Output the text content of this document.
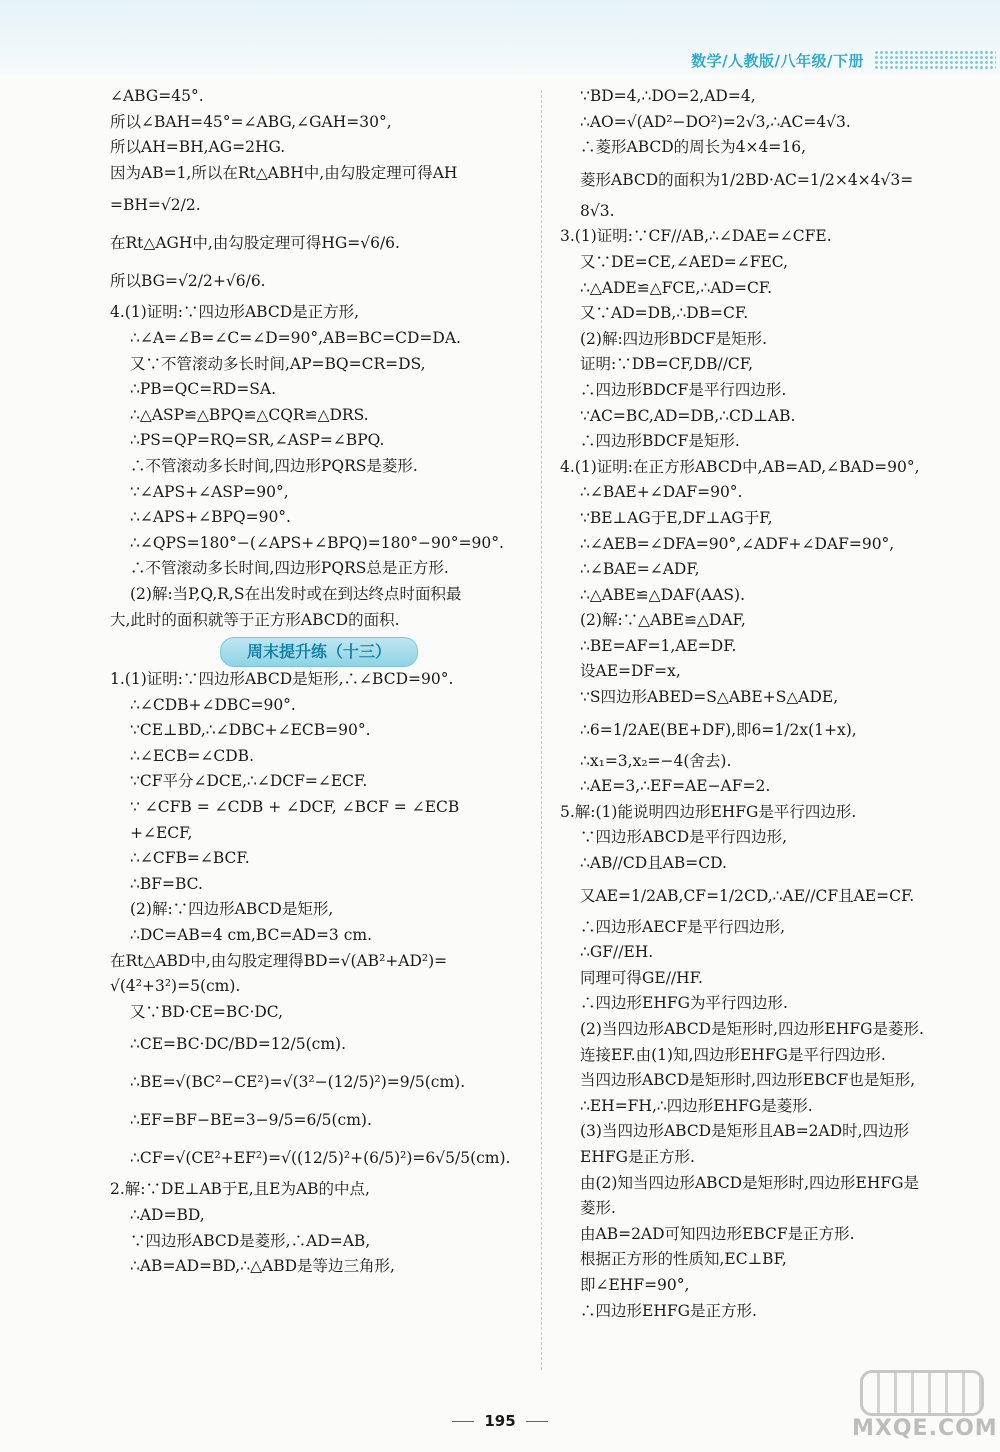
数学/人教版/八年级/下册
∠ABG=45°.
所以∠BAH=45°=∠ABG,∠GAH=30°,
所以AH=BH,AG=2HG.
因为AB=1,所以在Rt△ABH中,由勾股定理可得AH
=BH=√2/2.
在Rt△AGH中,由勾股定理可得HG=√6/6.
所以BG=√2/2+√6/6.
4.(1)证明:∵四边形ABCD是正方形,
∴∠A=∠B=∠C=∠D=90°,AB=BC=CD=DA.
又∵不管滚动多长时间,AP=BQ=CR=DS,
∴PB=QC=RD=SA.
∴△ASP≌△BPQ≌△CQR≌△DRS.
∴PS=QP=RQ=SR,∠ASP=∠BPQ.
∴不管滚动多长时间,四边形PQRS是菱形.
∵∠APS+∠ASP=90°,
∴∠APS+∠BPQ=90°.
∴∠QPS=180°−(∠APS+∠BPQ)=180°−90°=90°.
∴不管滚动多长时间,四边形PQRS总是正方形.
(2)解:当P,Q,R,S在出发时或在到达终点时面积最
大,此时的面积就等于正方形ABCD的面积.
周末提升练（十三）
1.(1)证明:∵四边形ABCD是矩形,∴∠BCD=90°.
∴∠CDB+∠DBC=90°.
∵CE⊥BD,∴∠DBC+∠ECB=90°.
∴∠ECB=∠CDB.
∵CF平分∠DCE,∴∠DCF=∠ECF.
∵ ∠CFB = ∠CDB + ∠DCF, ∠BCF = ∠ECB
+∠ECF,
∴∠CFB=∠BCF.
∴BF=BC.
(2)解:∵四边形ABCD是矩形,
∴DC=AB=4 cm,BC=AD=3 cm.
在Rt△ABD中,由勾股定理得BD=√(AB²+AD²)=
√(4²+3²)=5(cm).
又∵BD·CE=BC·DC,
∴CE=BC·DC/BD=12/5(cm).
∴BE=√(BC²−CE²)=√(3²−(12/5)²)=9/5(cm).
∴EF=BF−BE=3−9/5=6/5(cm).
∴CF=√(CE²+EF²)=√((12/5)²+(6/5)²)=6√5/5(cm).
2.解:∵DE⊥AB于E,且E为AB的中点,
∴AD=BD,
∵四边形ABCD是菱形,∴AD=AB,
∴AB=AD=BD,∴△ABD是等边三角形,
∵BD=4,∴DO=2,AD=4,
∴AO=√(AD²−DO²)=2√3,∴AC=4√3.
∴菱形ABCD的周长为4×4=16,
菱形ABCD的面积为1/2BD·AC=1/2×4×4√3=
8√3.
3.(1)证明:∵CF//AB,∴∠DAE=∠CFE.
又∵DE=CE,∠AED=∠FEC,
∴△ADE≌△FCE,∴AD=CF.
又∵AD=DB,∴DB=CF.
(2)解:四边形BDCF是矩形.
证明:∵DB=CF,DB//CF,
∴四边形BDCF是平行四边形.
∵AC=BC,AD=DB,∴CD⊥AB.
∴四边形BDCF是矩形.
4.(1)证明:在正方形ABCD中,AB=AD,∠BAD=90°,
∴∠BAE+∠DAF=90°.
∵BE⊥AG于E,DF⊥AG于F,
∴∠AEB=∠DFA=90°,∠ADF+∠DAF=90°,
∴∠BAE=∠ADF,
∴△ABE≌△DAF(AAS).
(2)解:∵△ABE≌△DAF,
∴BE=AF=1,AE=DF.
设AE=DF=x,
∵S四边形ABED=S△ABE+S△ADE,
∴6=1/2AE(BE+DF),即6=1/2x(1+x),
∴x₁=3,x₂=−4(舍去).
∴AE=3,∴EF=AE−AF=2.
5.解:(1)能说明四边形EHFG是平行四边形.
∵四边形ABCD是平行四边形,
∴AB//CD且AB=CD.
又AE=1/2AB,CF=1/2CD,∴AE//CF且AE=CF.
∴四边形AECF是平行四边形,
∴GF//EH.
同理可得GE//HF.
∴四边形EHFG为平行四边形.
(2)当四边形ABCD是矩形时,四边形EHFG是菱形.
连接EF.由(1)知,四边形EHFG是平行四边形.
当四边形ABCD是矩形时,四边形EBCF也是矩形,
∴EH=FH,∴四边形EHFG是菱形.
(3)当四边形ABCD是矩形且AB=2AD时,四边形
EHFG是正方形.
由(2)知当四边形ABCD是矩形时,四边形EHFG是
菱形.
由AB=2AD可知四边形EBCF是正方形.
根据正方形的性质知,EC⊥BF,
即∠EHF=90°,
∴四边形EHFG是正方形.
195	MXQE.COM
